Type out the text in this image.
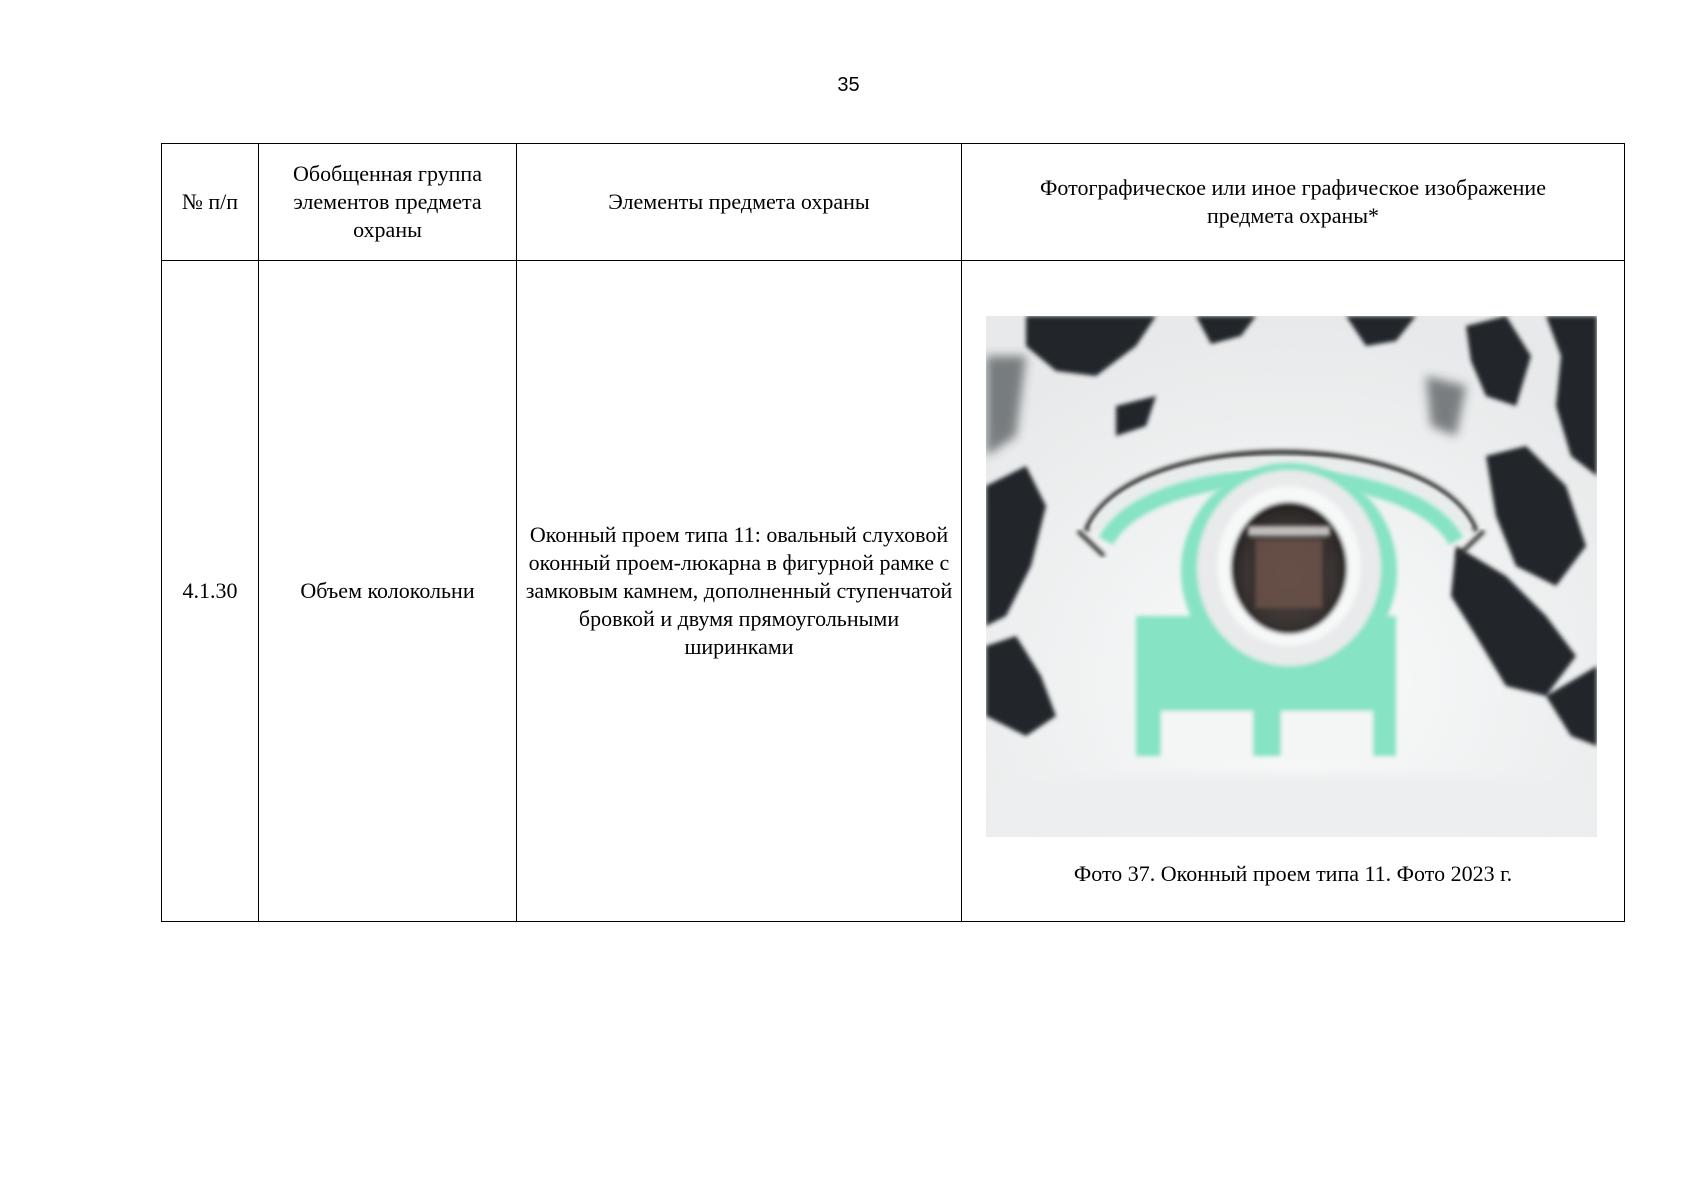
35
№ п/п	Обобщенная группа элементов предмета охраны	Элементы предмета охраны	Фотографическое или иное графическое изображение предмета охраны*
4.1.30	Объем колокольни	Оконный проем типа 11: овальный слуховой оконный проем-люкарна в фигурной рамке с замковым камнем, дополненный ступенчатой бровкой и двумя прямоугольными ширинками	Фото 37. Оконный проем типа 11. Фото 2023 г.
